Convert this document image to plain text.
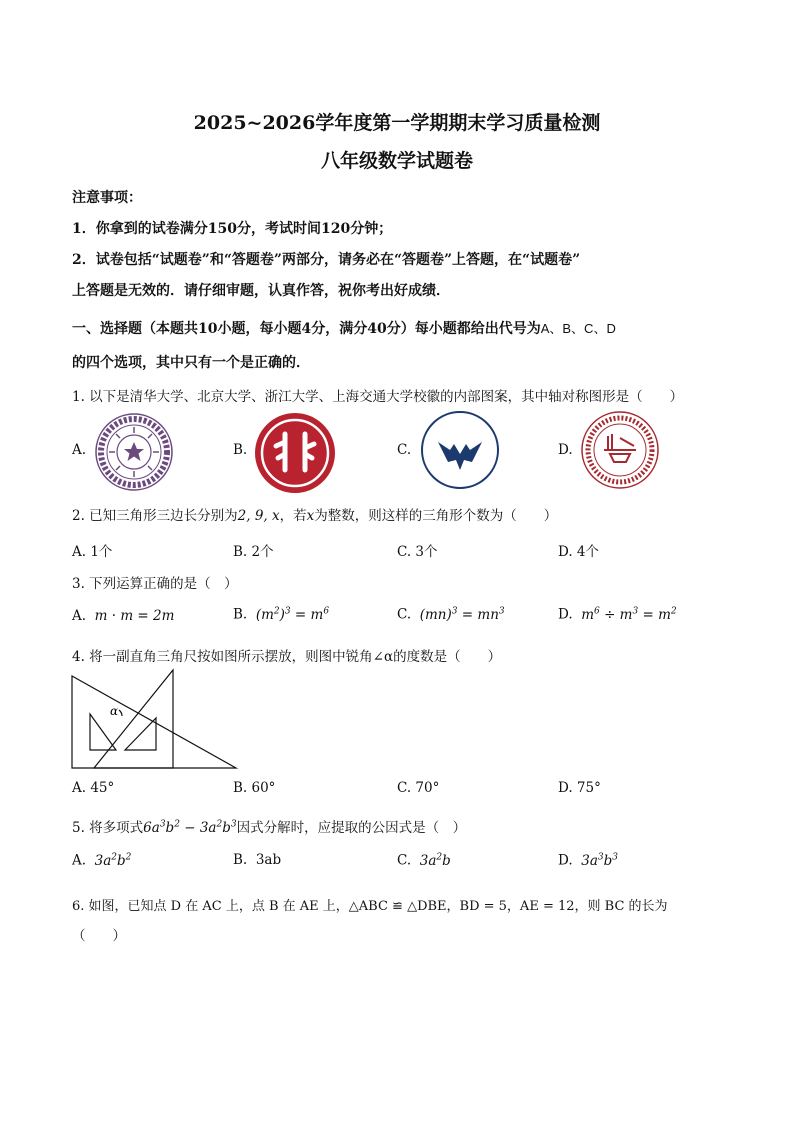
2025~2026学年度第一学期期末学习质量检测
八年级数学试题卷
注意事项：
1．你拿到的试卷满分150分，考试时间120分钟；
2．试卷包括“试题卷”和“答题卷”两部分，请务必在“答题卷”上答题，在“试题卷”
上答题是无效的．请仔细审题，认真作答，祝你考出好成绩．
一、选择题（本题共10小题，每小题4分，满分40分）每小题都给出代号为A、B、C、D
的四个选项，其中只有一个是正确的．
1. 以下是清华大学、北京大学、浙江大学、上海交通大学校徽的内部图案，其中轴对称图形是（　　）
A.	B.	C.	D.
2. 已知三角形三边长分别为2, 9, x，若x为整数，则这样的三角形个数为（　　）
A. 1个	B. 2个	C. 3个	D. 4个
3. 下列运算正确的是（　）
A. m · m = 2m	B. $(m^2)^3 = m^6$	C. $(mn)^3 = mn^3$	D. $m^6 \div m^3 = m^2$
4. 将一副直角三角尺按如图所示摆放，则图中锐角∠α的度数是（　　）
α
A. 45°	B. 60°	C. 70°	D. 75°
5. 将多项式$6a^3b^2 - 3a^2b^3$因式分解时，应提取的公因式是（　）
A. $3a^2b^2$	B. 3ab	C. $3a^2b$	D. $3a^3b^3$
6. 如图，已知点 D 在 AC 上，点 B 在 AE 上，△ABC ≌ △DBE，BD = 5，AE = 12，则 BC 的长为
（　　）
